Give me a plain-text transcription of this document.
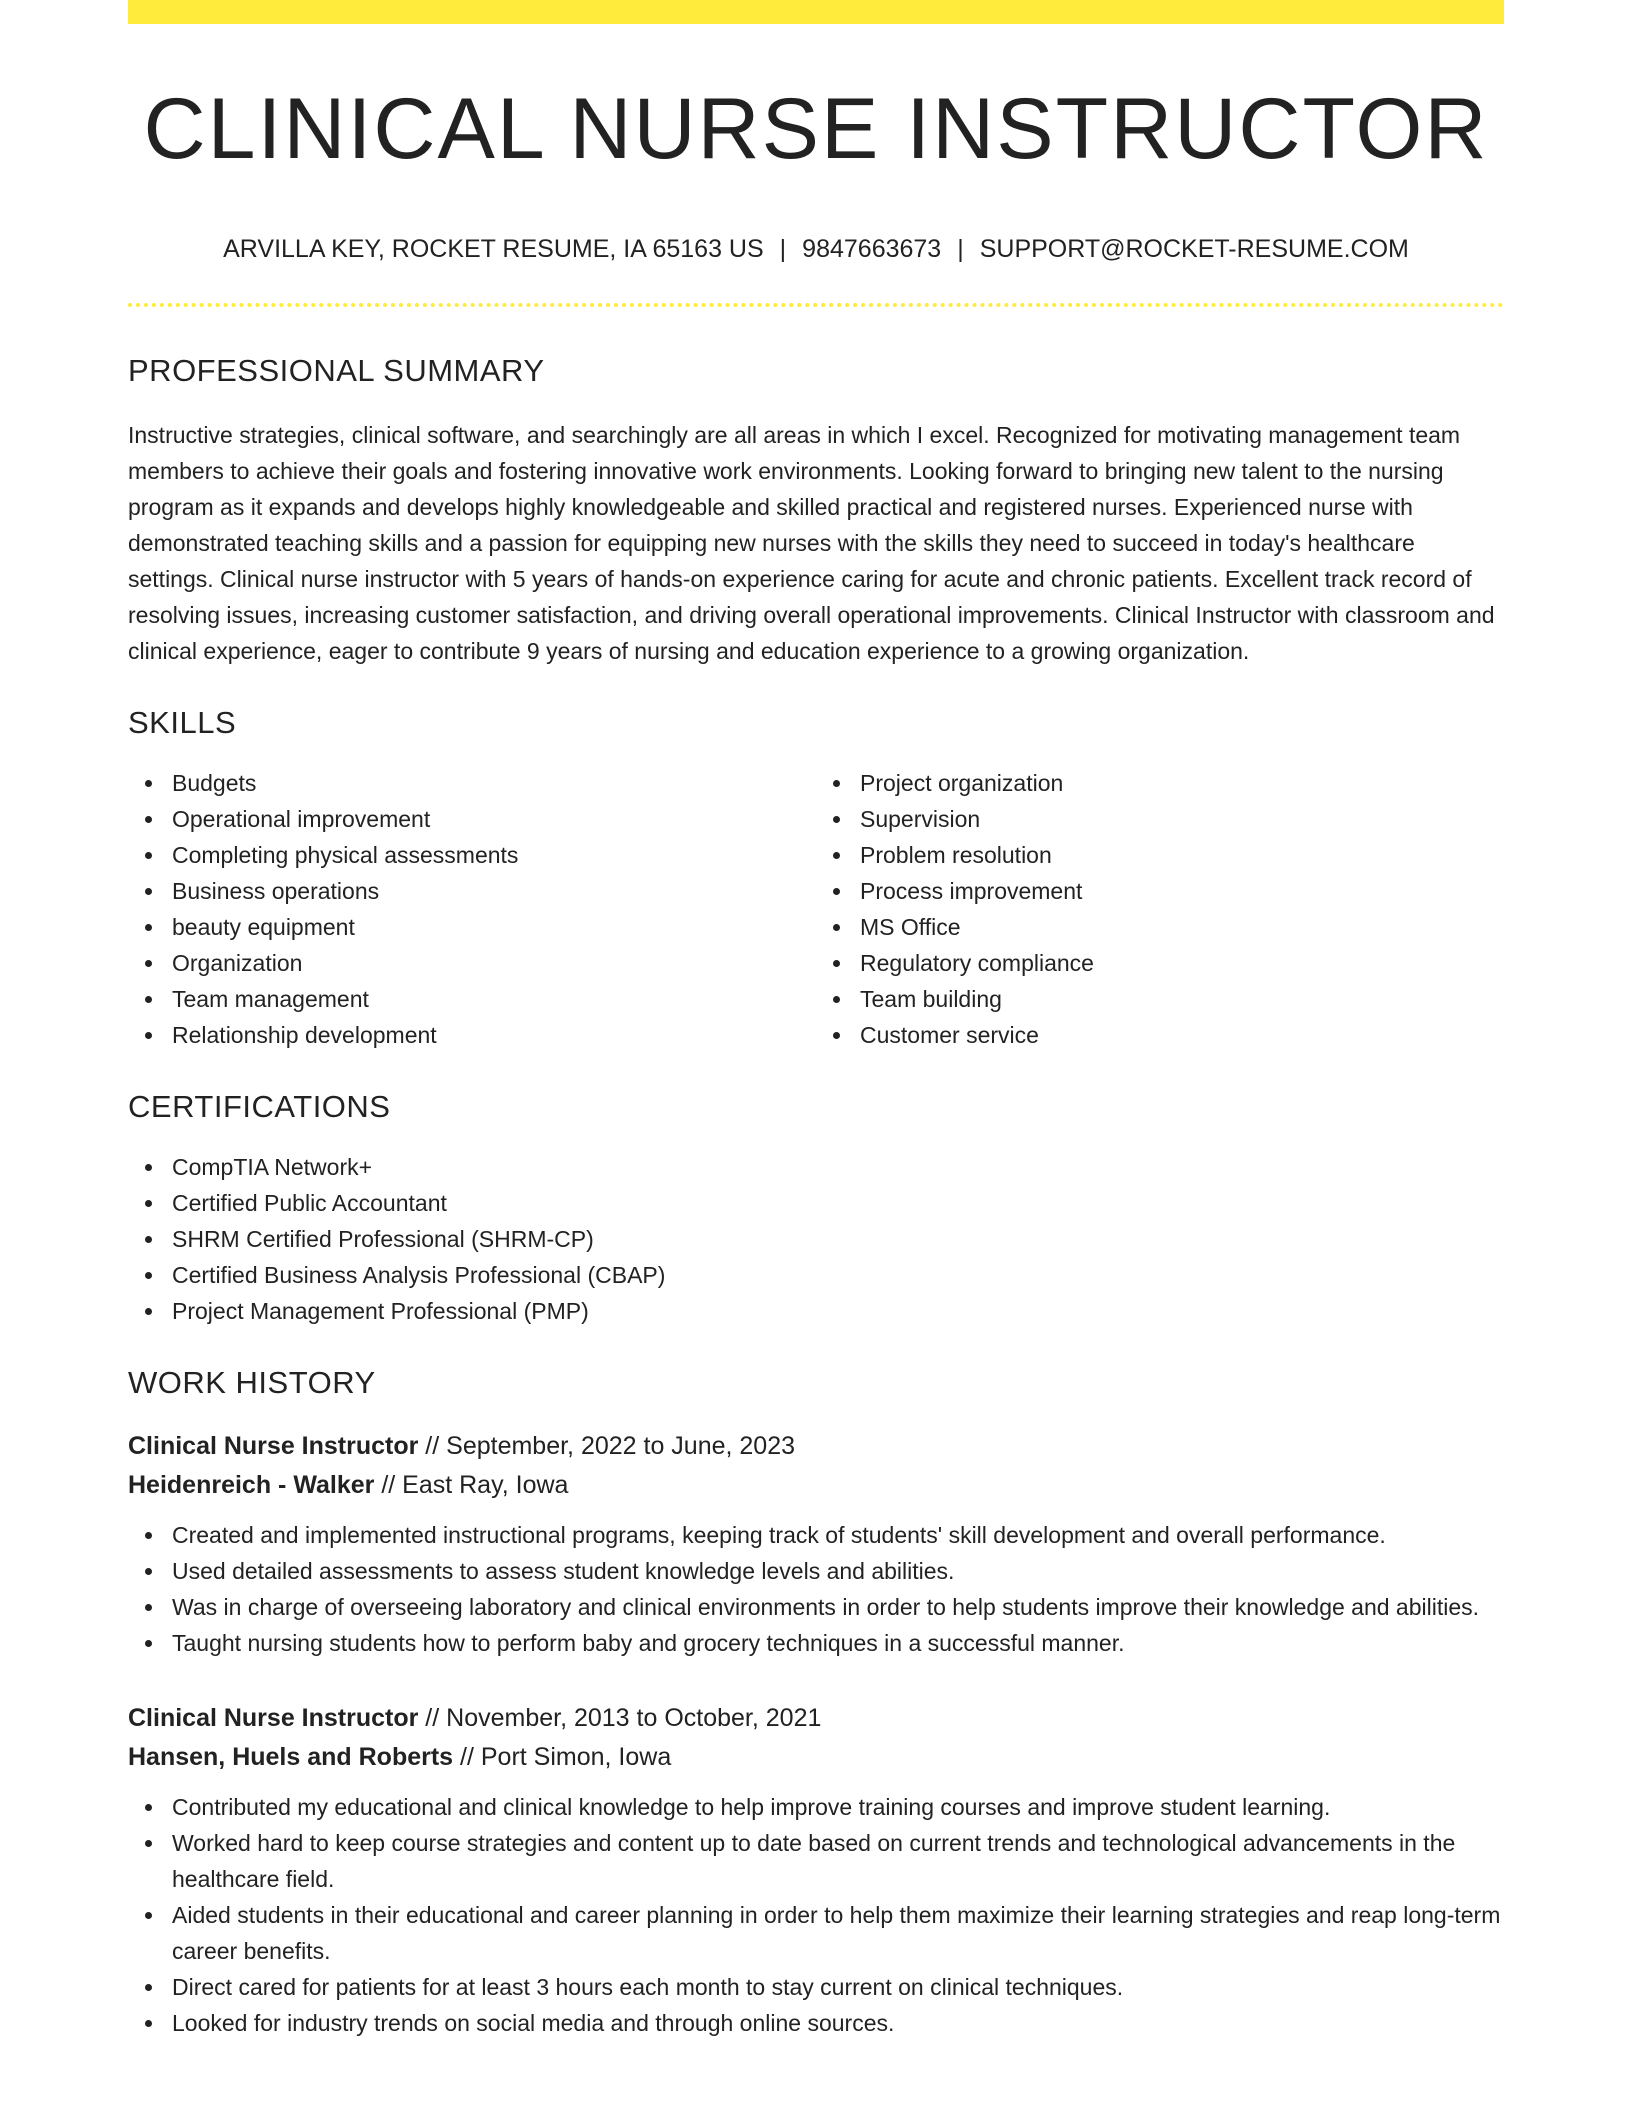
CLINICAL NURSE INSTRUCTOR
ARVILLA KEY, ROCKET RESUME, IA 65163 US | 9847663673 | SUPPORT@ROCKET-RESUME.COM
PROFESSIONAL SUMMARY
Instructive strategies, clinical software, and searchingly are all areas in which I excel. Recognized for motivating management team members to achieve their goals and fostering innovative work environments. Looking forward to bringing new talent to the nursing program as it expands and develops highly knowledgeable and skilled practical and registered nurses. Experienced nurse with demonstrated teaching skills and a passion for equipping new nurses with the skills they need to succeed in today's healthcare settings. Clinical nurse instructor with 5 years of hands-on experience caring for acute and chronic patients. Excellent track record of resolving issues, increasing customer satisfaction, and driving overall operational improvements. Clinical Instructor with classroom and clinical experience, eager to contribute 9 years of nursing and education experience to a growing organization.
SKILLS
Budgets
Operational improvement
Completing physical assessments
Business operations
beauty equipment
Organization
Team management
Relationship development
Project organization
Supervision
Problem resolution
Process improvement
MS Office
Regulatory compliance
Team building
Customer service
CERTIFICATIONS
CompTIA Network+
Certified Public Accountant
SHRM Certified Professional (SHRM-CP)
Certified Business Analysis Professional (CBAP)
Project Management Professional (PMP)
WORK HISTORY
Clinical Nurse Instructor // September, 2022 to June, 2023
Heidenreich - Walker // East Ray, Iowa
Created and implemented instructional programs, keeping track of students' skill development and overall performance.
Used detailed assessments to assess student knowledge levels and abilities.
Was in charge of overseeing laboratory and clinical environments in order to help students improve their knowledge and abilities.
Taught nursing students how to perform baby and grocery techniques in a successful manner.
Clinical Nurse Instructor // November, 2013 to October, 2021
Hansen, Huels and Roberts // Port Simon, Iowa
Contributed my educational and clinical knowledge to help improve training courses and improve student learning.
Worked hard to keep course strategies and content up to date based on current trends and technological advancements in the healthcare field.
Aided students in their educational and career planning in order to help them maximize their learning strategies and reap long-term career benefits.
Direct cared for patients for at least 3 hours each month to stay current on clinical techniques.
Looked for industry trends on social media and through online sources.
